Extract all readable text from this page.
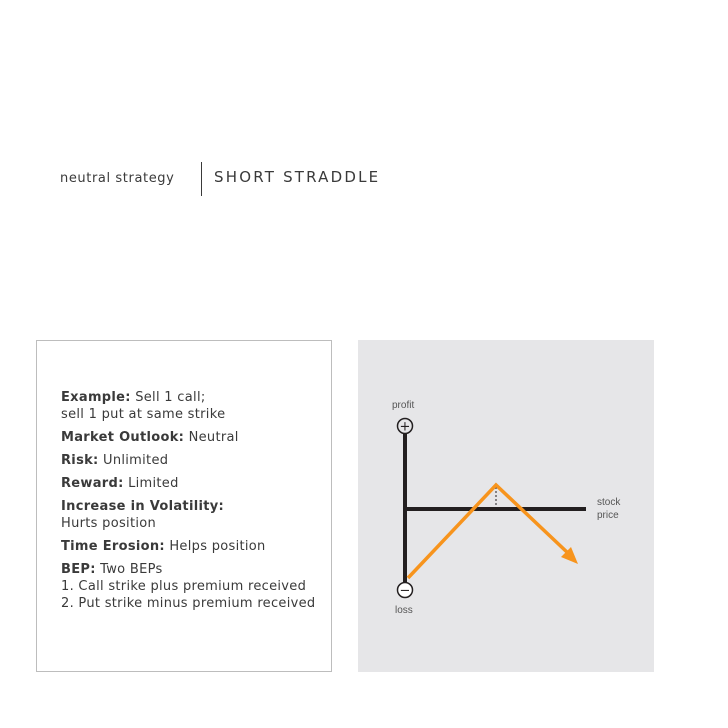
neutral strategy	SHORT STRADDLE
Example: Sell 1 call;
sell 1 put at same strike
Market Outlook: Neutral
Risk: Unlimited
Reward: Limited
Increase in Volatility:
Hurts position
Time Erosion: Helps position
BEP: Two BEPs
1. Call strike plus premium received
2. Put strike minus premium received
profit
+
−
loss
stock
price
